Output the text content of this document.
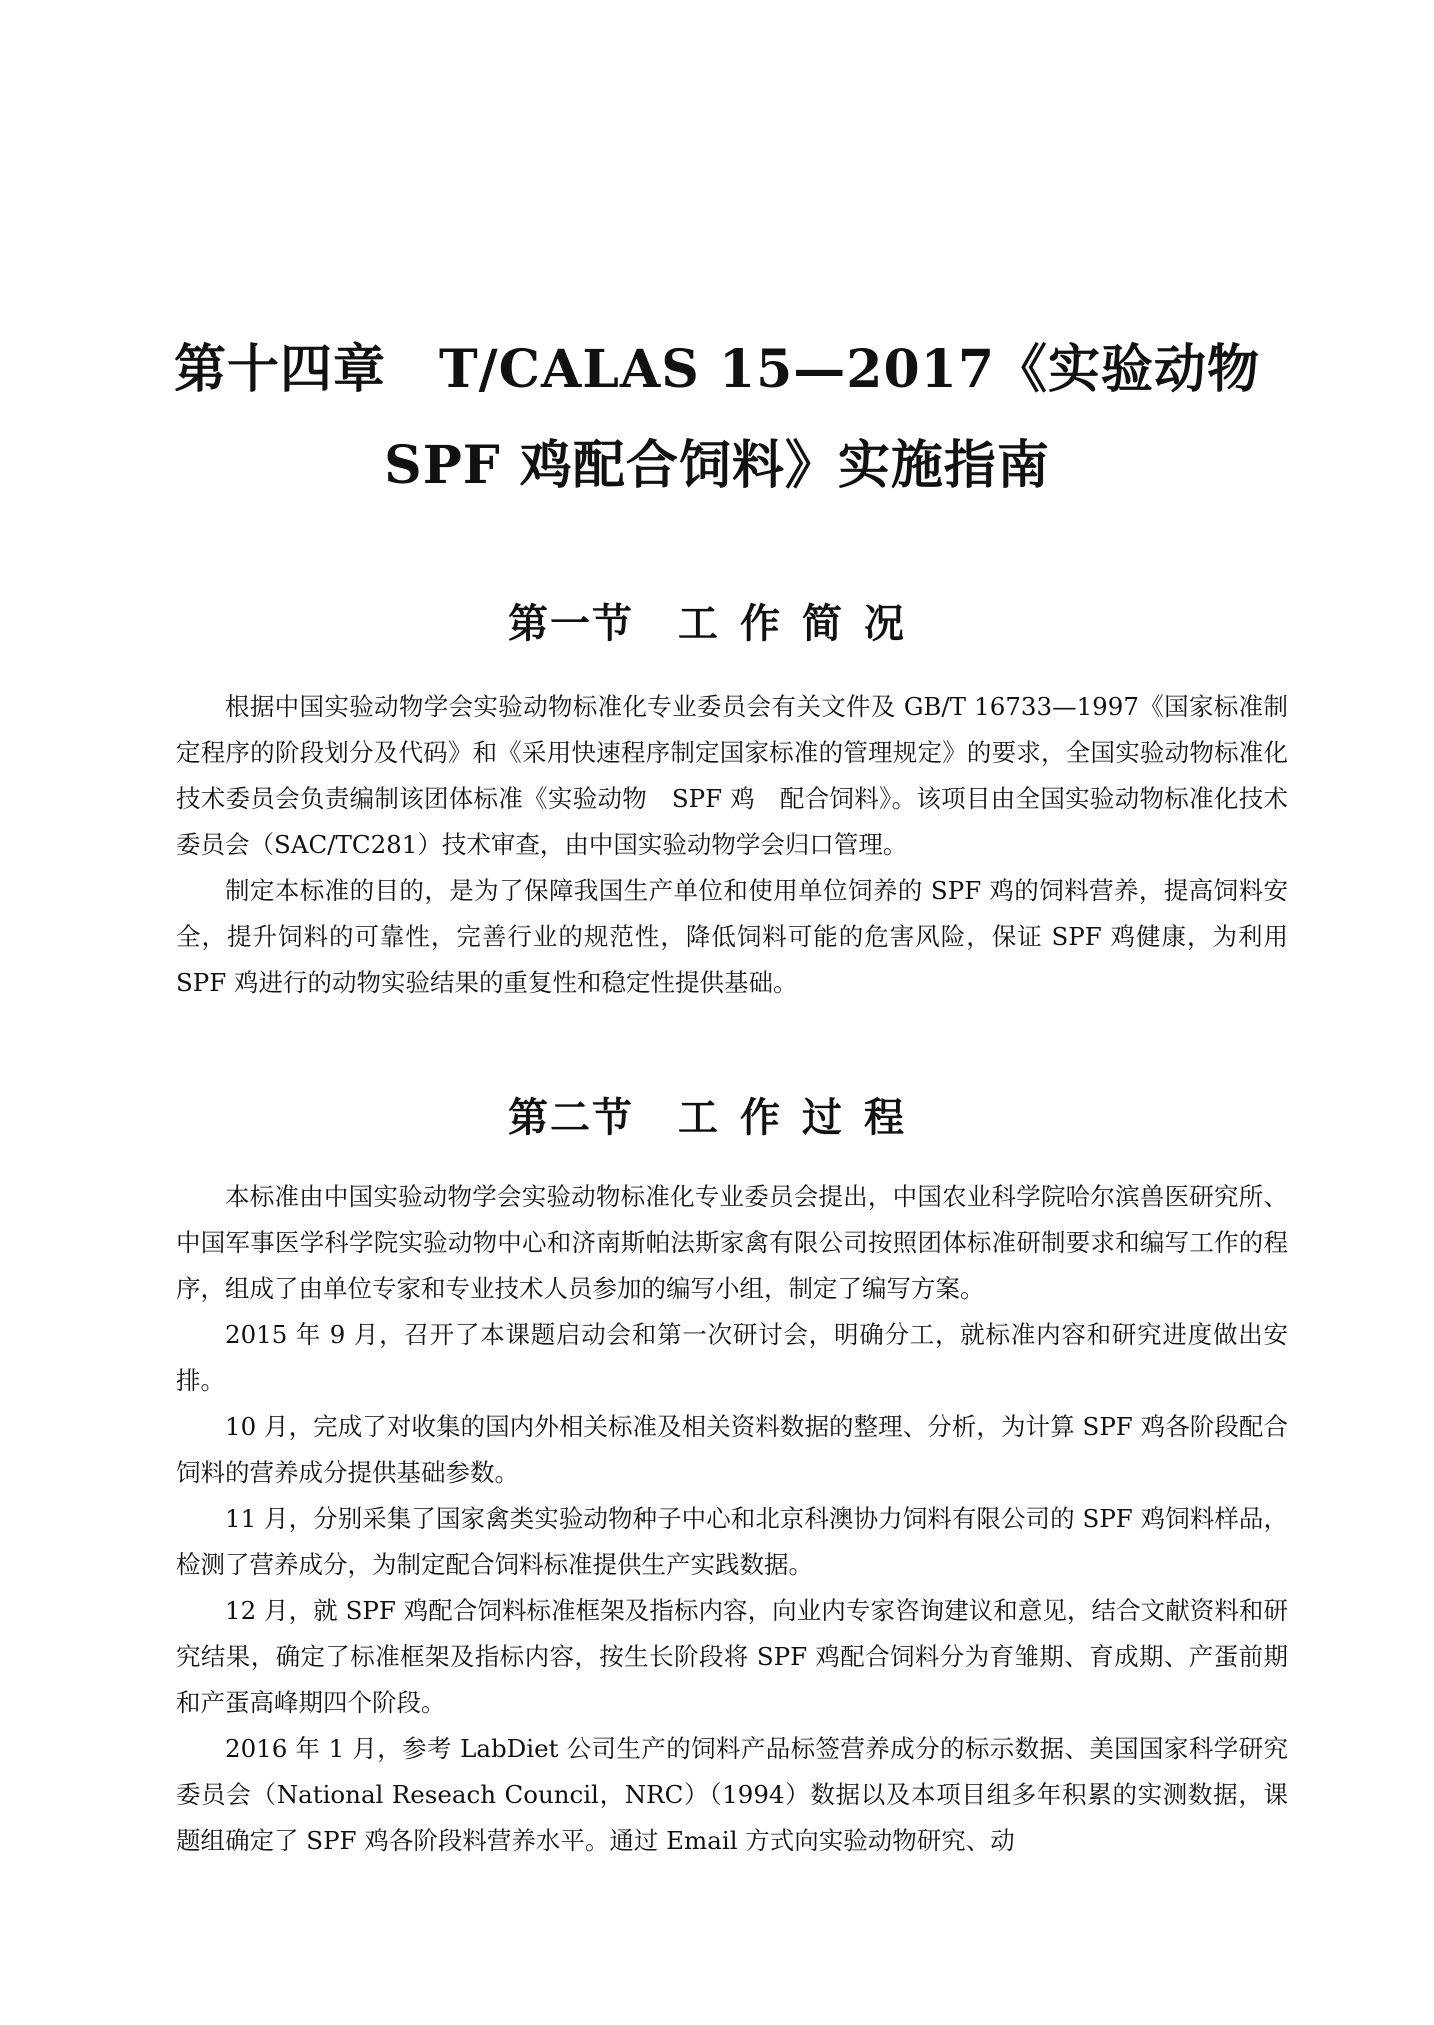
第十四章　T/CALAS 15—2017《实验动物
SPF 鸡配合饲料》实施指南
第一节 工作简况

根据中国实验动物学会实验动物标准化专业委员会有关文件及 GB/T 16733—1997《国家标准制定程序的阶段划分及代码》和《采用快速程序制定国家标准的管理规定》的要求，全国实验动物标准化技术委员会负责编制该团体标准《实验动物　SPF 鸡　配合饲料》。该项目由全国实验动物标准化技术委员会（SAC/TC281）技术审查，由中国实验动物学会归口管理。

制定本标准的目的，是为了保障我国生产单位和使用单位饲养的 SPF 鸡的饲料营养，提高饲料安全，提升饲料的可靠性，完善行业的规范性，降低饲料可能的危害风险，保证 SPF 鸡健康，为利用 SPF 鸡进行的动物实验结果的重复性和稳定性提供基础。

第二节 工作过程

本标准由中国实验动物学会实验动物标准化专业委员会提出，中国农业科学院哈尔滨兽医研究所、中国军事医学科学院实验动物中心和济南斯帕法斯家禽有限公司按照团体标准研制要求和编写工作的程序，组成了由单位专家和专业技术人员参加的编写小组，制定了编写方案。

2015 年 9 月，召开了本课题启动会和第一次研讨会，明确分工，就标准内容和研究进度做出安排。

10 月，完成了对收集的国内外相关标准及相关资料数据的整理、分析，为计算 SPF 鸡各阶段配合饲料的营养成分提供基础参数。

11 月，分别采集了国家禽类实验动物种子中心和北京科澳协力饲料有限公司的 SPF 鸡饲料样品，检测了营养成分，为制定配合饲料标准提供生产实践数据。

12 月，就 SPF 鸡配合饲料标准框架及指标内容，向业内专家咨询建议和意见，结合文献资料和研究结果，确定了标准框架及指标内容，按生长阶段将 SPF 鸡配合饲料分为育雏期、育成期、产蛋前期和产蛋高峰期四个阶段。

2016 年 1 月，参考 LabDiet 公司生产的饲料产品标签营养成分的标示数据、美国国家科学研究委员会（National Reseach Council，NRC）（1994）数据以及本项目组多年积累的实测数据，课题组确定了 SPF 鸡各阶段料营养水平。通过 Email 方式向实验动物研究、动
